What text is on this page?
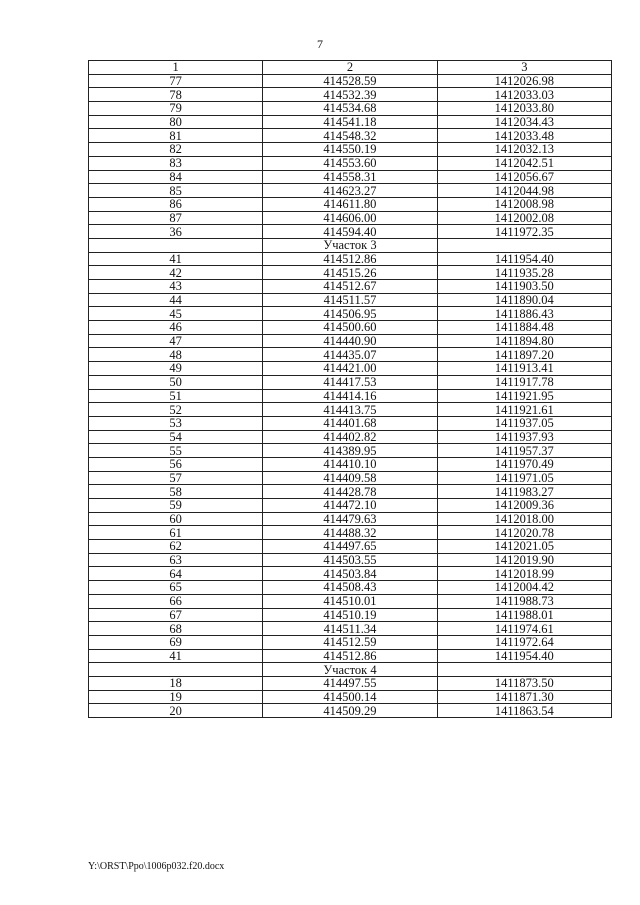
7
1	2	3
77	414528.59	1412026.98
78	414532.39	1412033.03
79	414534.68	1412033.80
80	414541.18	1412034.43
81	414548.32	1412033.48
82	414550.19	1412032.13
83	414553.60	1412042.51
84	414558.31	1412056.67
85	414623.27	1412044.98
86	414611.80	1412008.98
87	414606.00	1412002.08
36	414594.40	1411972.35
	Участок 3	
41	414512.86	1411954.40
42	414515.26	1411935.28
43	414512.67	1411903.50
44	414511.57	1411890.04
45	414506.95	1411886.43
46	414500.60	1411884.48
47	414440.90	1411894.80
48	414435.07	1411897.20
49	414421.00	1411913.41
50	414417.53	1411917.78
51	414414.16	1411921.95
52	414413.75	1411921.61
53	414401.68	1411937.05
54	414402.82	1411937.93
55	414389.95	1411957.37
56	414410.10	1411970.49
57	414409.58	1411971.05
58	414428.78	1411983.27
59	414472.10	1412009.36
60	414479.63	1412018.00
61	414488.32	1412020.78
62	414497.65	1412021.05
63	414503.55	1412019.90
64	414503.84	1412018.99
65	414508.43	1412004.42
66	414510.01	1411988.73
67	414510.19	1411988.01
68	414511.34	1411974.61
69	414512.59	1411972.64
41	414512.86	1411954.40
	Участок 4	
18	414497.55	1411873.50
19	414500.14	1411871.30
20	414509.29	1411863.54
Y:\ORST\Ppo\1006p032.f20.docx
